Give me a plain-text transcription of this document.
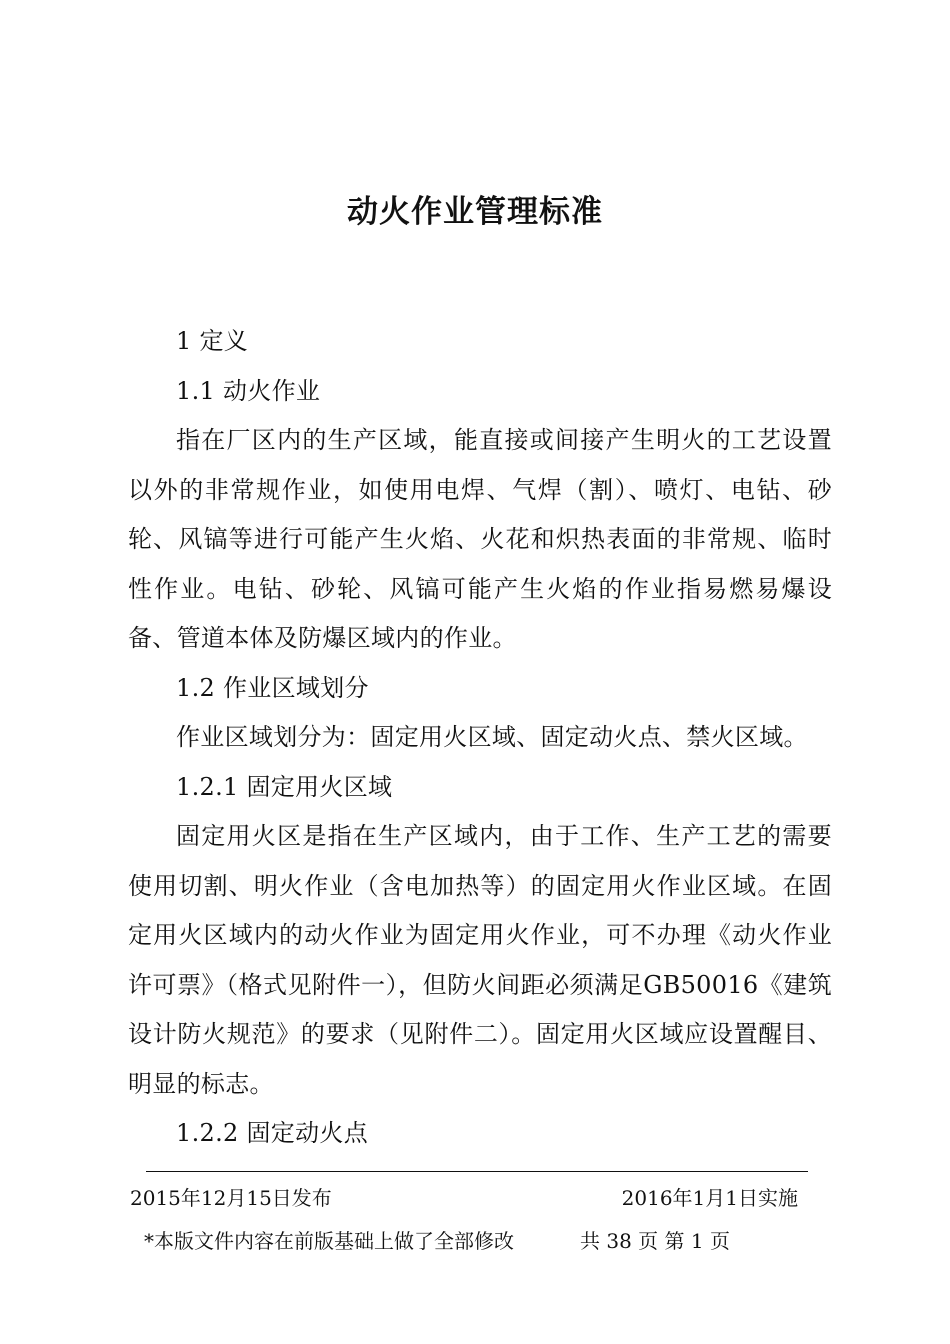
动火作业管理标准

1 定义

1.1 动火作业

指在厂区内的生产区域，能直接或间接产生明火的工艺设置以外的非常规作业，如使用电焊、气焊（割）、喷灯、电钻、砂轮、风镐等进行可能产生火焰、火花和炽热表面的非常规、临时性作业。电钻、砂轮、风镐可能产生火焰的作业指易燃易爆设备、管道本体及防爆区域内的作业。

1.2 作业区域划分

作业区域划分为：固定用火区域、固定动火点、禁火区域。

1.2.1 固定用火区域

固定用火区是指在生产区域内，由于工作、生产工艺的需要使用切割、明火作业（含电加热等）的固定用火作业区域。在固定用火区域内的动火作业为固定用火作业，可不办理《动火作业许可票》（格式见附件一），但防火间距必须满足GB50016《建筑设计防火规范》的要求（见附件二）。固定用火区域应设置醒目、明显的标志。

1.2.2 固定动火点

2015年12月15日发布	2016年1月1日实施
*本版文件内容在前版基础上做了全部修改	共 38 页 第 1 页
